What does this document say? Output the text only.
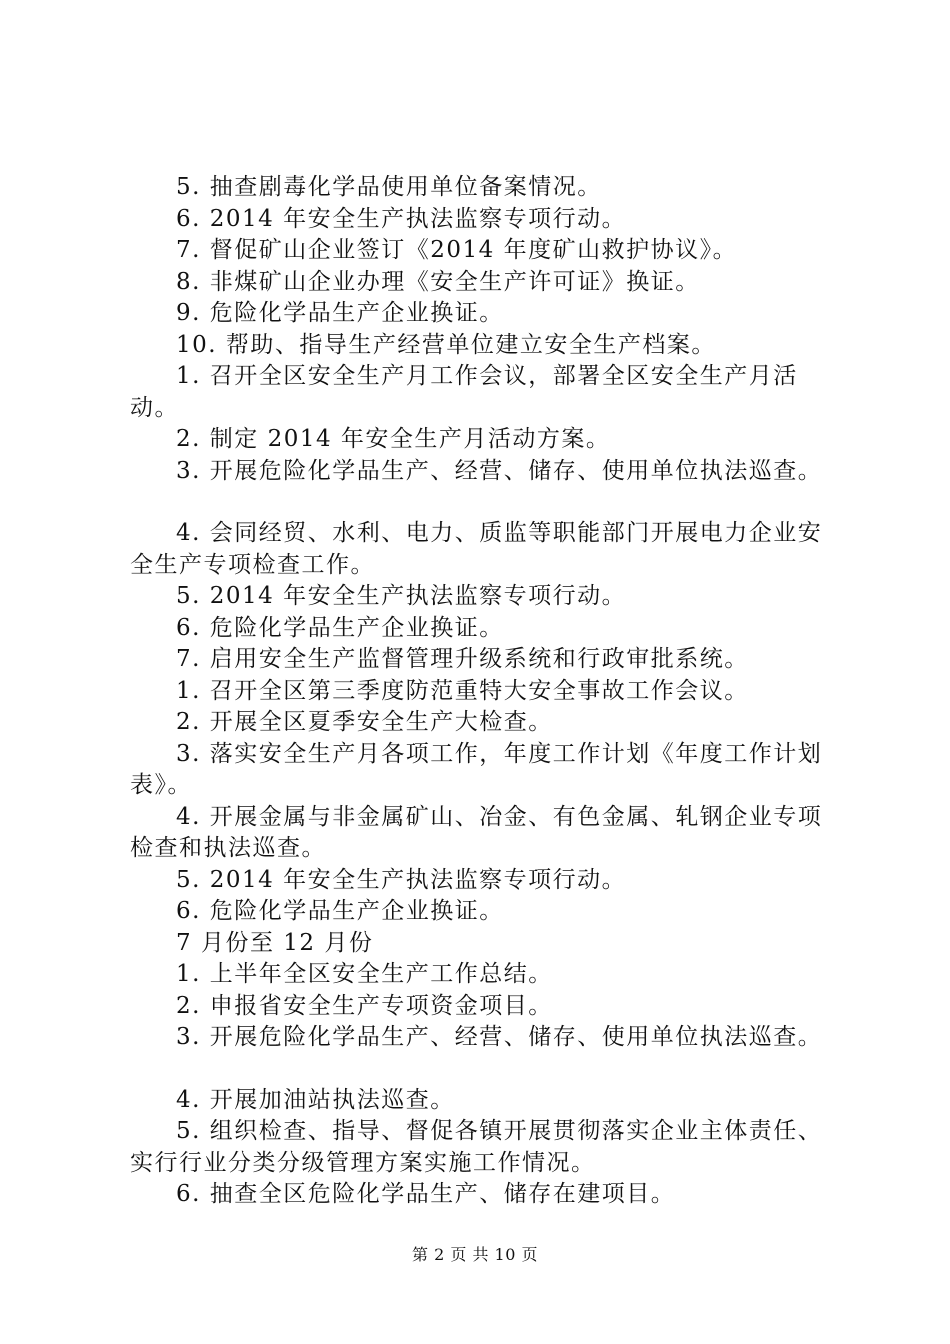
5. 抽查剧毒化学品使用单位备案情况。

6. 2014 年安全生产执法监察专项行动。

7. 督促矿山企业签订《2014 年度矿山救护协议》。

8. 非煤矿山企业办理《安全生产许可证》换证。

9. 危险化学品生产企业换证。

10. 帮助、指导生产经营单位建立安全生产档案。

1. 召开全区安全生产月工作会议，部署全区安全生产月活动。

2. 制定 2014 年安全生产月活动方案。

3. 开展危险化学品生产、经营、储存、使用单位执法巡查。

4. 会同经贸、水利、电力、质监等职能部门开展电力企业安全生产专项检查工作。

5. 2014 年安全生产执法监察专项行动。

6. 危险化学品生产企业换证。

7. 启用安全生产监督管理升级系统和行政审批系统。

1. 召开全区第三季度防范重特大安全事故工作会议。

2. 开展全区夏季安全生产大检查。

3. 落实安全生产月各项工作，年度工作计划《年度工作计划表》。

4. 开展金属与非金属矿山、冶金、有色金属、轧钢企业专项检查和执法巡查。

5. 2014 年安全生产执法监察专项行动。

6. 危险化学品生产企业换证。

7 月份至 12 月份

1. 上半年全区安全生产工作总结。

2. 申报省安全生产专项资金项目。

3. 开展危险化学品生产、经营、储存、使用单位执法巡查。

4. 开展加油站执法巡查。

5. 组织检查、指导、督促各镇开展贯彻落实企业主体责任、实行行业分类分级管理方案实施工作情况。

6. 抽查全区危险化学品生产、储存在建项目。

第 2 页 共 10 页
